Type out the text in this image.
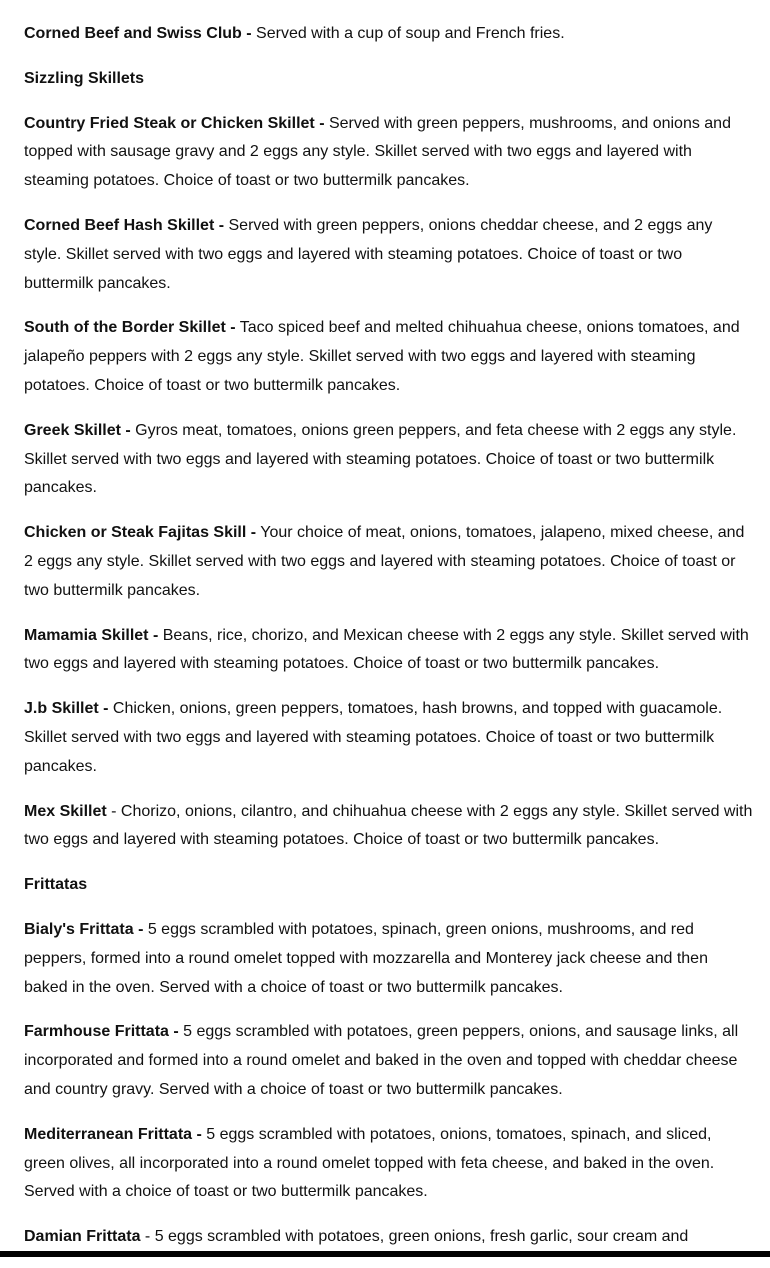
Corned Beef and Swiss Club - Served with a cup of soup and French fries.

Sizzling Skillets

Country Fried Steak or Chicken Skillet - Served with green peppers, mushrooms, and onions and topped with sausage gravy and 2 eggs any style. Skillet served with two eggs and layered with steaming potatoes. Choice of toast or two buttermilk pancakes.

Corned Beef Hash Skillet - Served with green peppers, onions cheddar cheese, and 2 eggs any style. Skillet served with two eggs and layered with steaming potatoes. Choice of toast or two buttermilk pancakes.

South of the Border Skillet - Taco spiced beef and melted chihuahua cheese, onions tomatoes, and jalapeño peppers with 2 eggs any style. Skillet served with two eggs and layered with steaming potatoes. Choice of toast or two buttermilk pancakes.

Greek Skillet - Gyros meat, tomatoes, onions green peppers, and feta cheese with 2 eggs any style. Skillet served with two eggs and layered with steaming potatoes. Choice of toast or two buttermilk pancakes.

Chicken or Steak Fajitas Skill - Your choice of meat, onions, tomatoes, jalapeno, mixed cheese, and 2 eggs any style. Skillet served with two eggs and layered with steaming potatoes. Choice of toast or two buttermilk pancakes.

Mamamia Skillet - Beans, rice, chorizo, and Mexican cheese with 2 eggs any style. Skillet served with two eggs and layered with steaming potatoes. Choice of toast or two buttermilk pancakes.

J.b Skillet - Chicken, onions, green peppers, tomatoes, hash browns, and topped with guacamole. Skillet served with two eggs and layered with steaming potatoes. Choice of toast or two buttermilk pancakes.

Mex Skillet - Chorizo, onions, cilantro, and chihuahua cheese with 2 eggs any style. Skillet served with two eggs and layered with steaming potatoes. Choice of toast or two buttermilk pancakes.

Frittatas

Bialy's Frittata - 5 eggs scrambled with potatoes, spinach, green onions, mushrooms, and red peppers, formed into a round omelet topped with mozzarella and Monterey jack cheese and then baked in the oven. Served with a choice of toast or two buttermilk pancakes.

Farmhouse Frittata - 5 eggs scrambled with potatoes, green peppers, onions, and sausage links, all incorporated and formed into a round omelet and baked in the oven and topped with cheddar cheese and country gravy. Served with a choice of toast or two buttermilk pancakes.

Mediterranean Frittata - 5 eggs scrambled with potatoes, onions, tomatoes, spinach, and sliced, green olives, all incorporated into a round omelet topped with feta cheese, and baked in the oven. Served with a choice of toast or two buttermilk pancakes.

Damian Frittata - 5 eggs scrambled with potatoes, green onions, fresh garlic, sour cream and
